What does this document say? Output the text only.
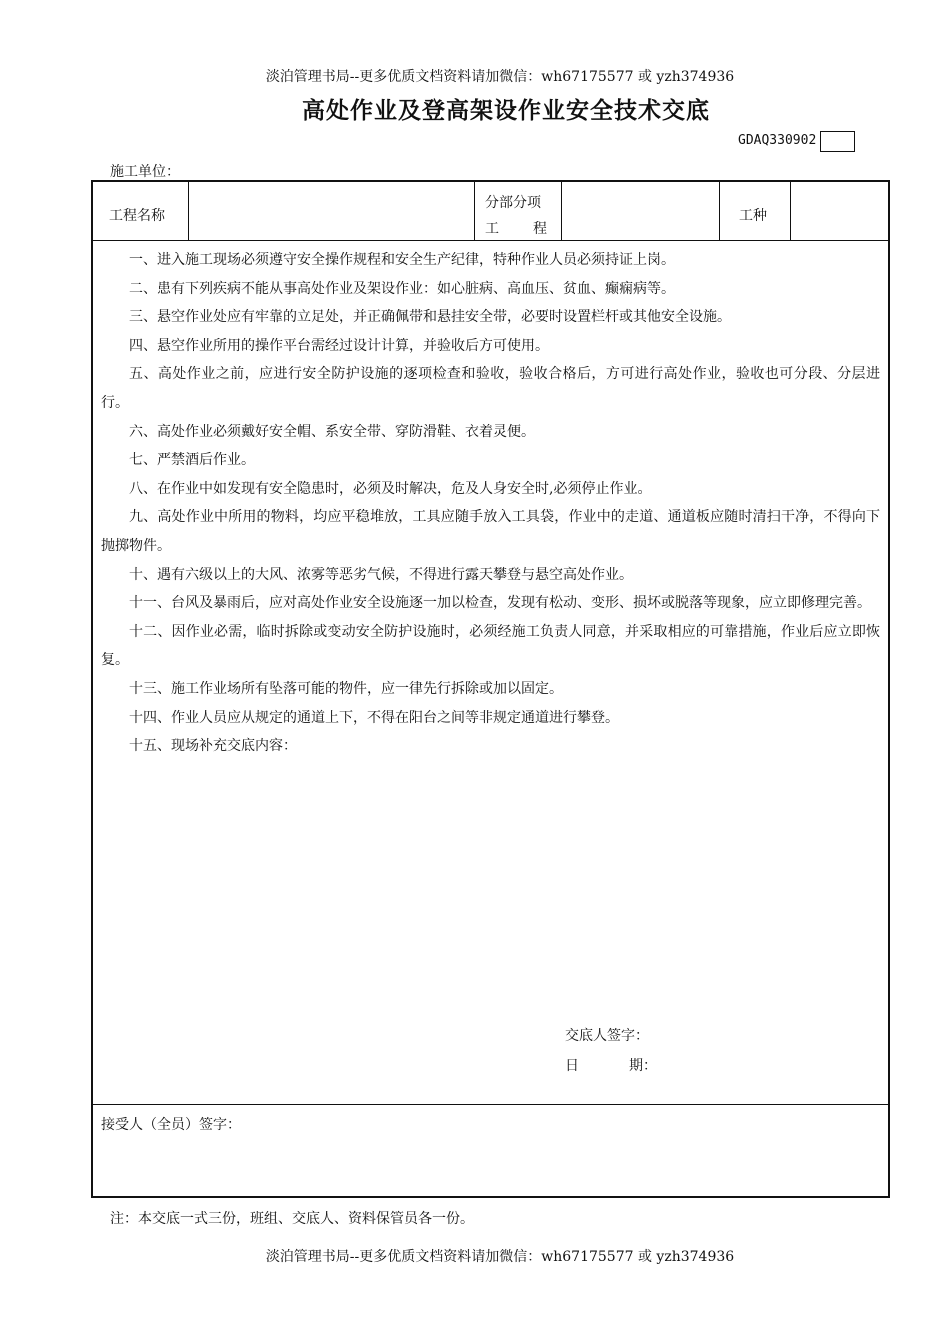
淡泊管理书局--更多优质文档资料请加微信：wh67175577 或 yzh374936
高处作业及登高架设作业安全技术交底
GDAQ330902
施工单位：
工程名称
分部分项
工 程
工种

一、进入施工现场必须遵守安全操作规程和安全生产纪律，特种作业人员必须持证上岗。

二、患有下列疾病不能从事高处作业及架设作业：如心脏病、高血压、贫血、癫痫病等。

三、悬空作业处应有牢靠的立足处，并正确佩带和悬挂安全带，必要时设置栏杆或其他安全设施。

四、悬空作业所用的操作平台需经过设计计算，并验收后方可使用。

五、高处作业之前，应进行安全防护设施的逐项检查和验收，验收合格后，方可进行高处作业，验收也可分段、分层进行。

六、高处作业必须戴好安全帽、系安全带、穿防滑鞋、衣着灵便。

七、严禁酒后作业。

八、在作业中如发现有安全隐患时，必须及时解决，危及人身安全时,必须停止作业。

九、高处作业中所用的物料，均应平稳堆放，工具应随手放入工具袋，作业中的走道、通道板应随时清扫干净，不得向下抛掷物件。

十、遇有六级以上的大风、浓雾等恶劣气候，不得进行露天攀登与悬空高处作业。

十一、台风及暴雨后，应对高处作业安全设施逐一加以检查，发现有松动、变形、损坏或脱落等现象，应立即修理完善。

十二、因作业必需，临时拆除或变动安全防护设施时，必须经施工负责人同意，并采取相应的可靠措施，作业后应立即恢复。

十三、施工作业场所有坠落可能的物件，应一律先行拆除或加以固定。

十四、作业人员应从规定的通道上下，不得在阳台之间等非规定通道进行攀登。

十五、现场补充交底内容：

交底人签字：
日	期：
接受人（全员）签字：
注：本交底一式三份，班组、交底人、资料保管员各一份。
淡泊管理书局--更多优质文档资料请加微信：wh67175577 或 yzh374936
